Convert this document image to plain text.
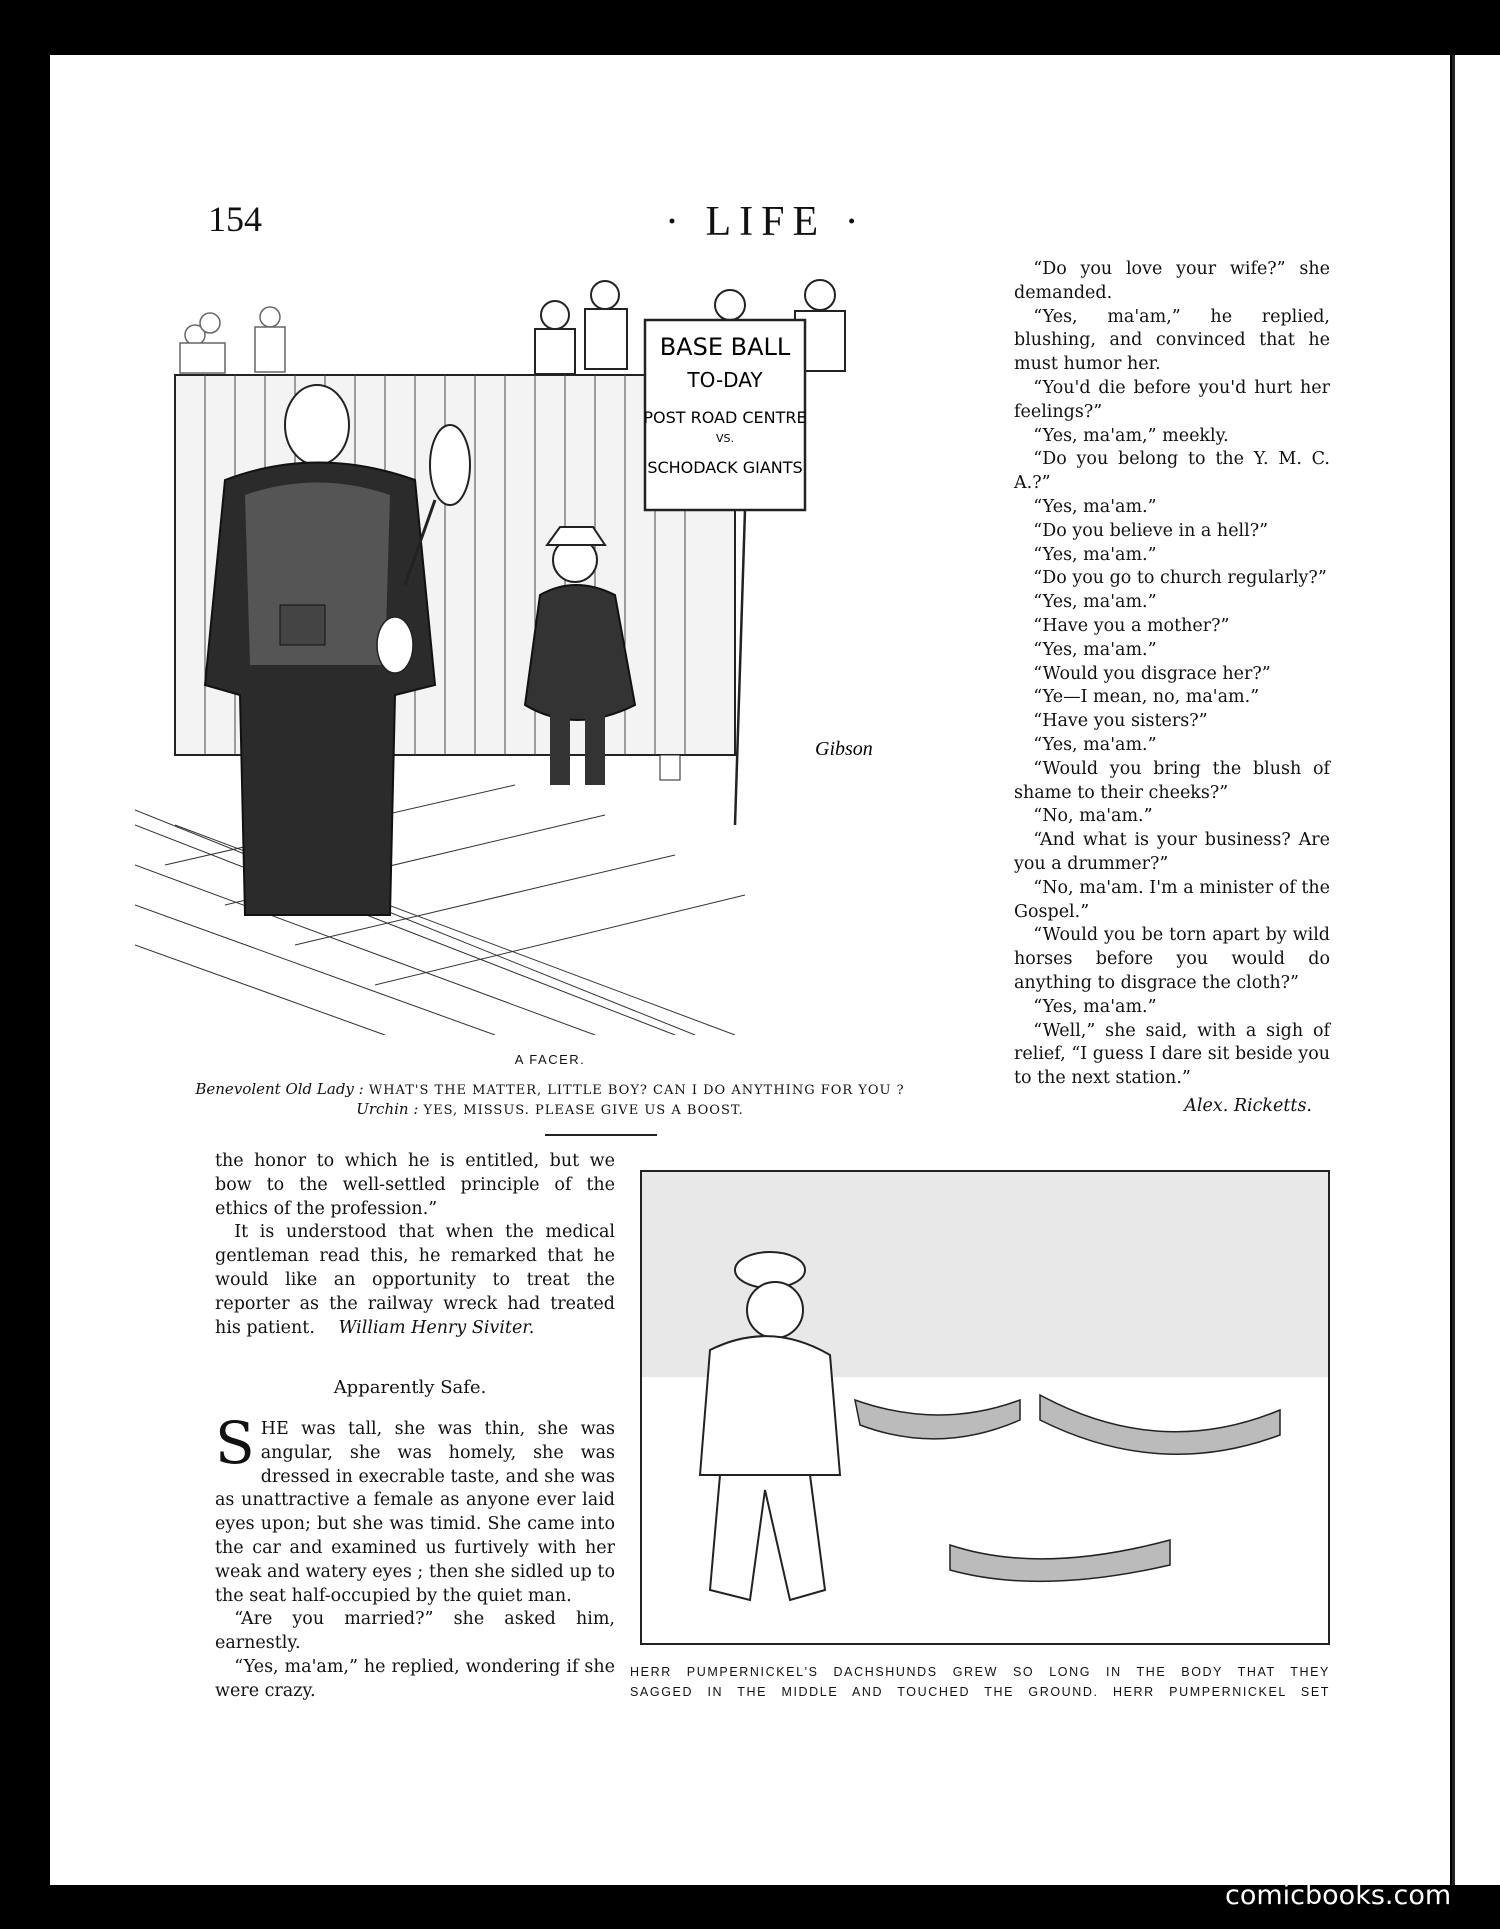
154	· LIFE ·
BASE BALL
TO-DAY
POST ROAD CENTRE
VS.
SCHODACK GIANTS
Gibson
A FACER.
Benevolent Old Lady : WHAT'S THE MATTER, LITTLE BOY? CAN I DO ANYTHING FOR YOU ?
Urchin : YES, MISSUS. PLEASE GIVE US A BOOST.

“Do you love your wife?” she demanded.

“Yes, ma'am,” he replied, blushing, and convinced that he must humor her.

“You'd die before you'd hurt her feelings?”

“Yes, ma'am,” meekly.

“Do you belong to the Y. M. C. A.?”

“Yes, ma'am.”

“Do you believe in a hell?”

“Yes, ma'am.”

“Do you go to church regularly?”

“Yes, ma'am.”

“Have you a mother?”

“Yes, ma'am.”

“Would you disgrace her?”

“Ye—I mean, no, ma'am.”

“Have you sisters?”

“Yes, ma'am.”

“Would you bring the blush of shame to their cheeks?”

“No, ma'am.”

“And what is your business? Are you a drummer?”

“No, ma'am. I'm a minister of the Gospel.”

“Would you be torn apart by wild horses before you would do anything to disgrace the cloth?”

“Yes, ma'am.”

“Well,” she said, with a sigh of relief, “I guess I dare sit beside you to the next station.”

Alex. Ricketts.

the honor to which he is entitled, but we bow to the well-settled principle of the ethics of the profession.”

It is understood that when the medical gentleman read this, he remarked that he would like an opportunity to treat the reporter as the railway wreck had treated his patient. William Henry Siviter.

Apparently Safe.

SHE was tall, she was thin, she was angular, she was homely, she was dressed in execrable taste, and she was as unattractive a female as anyone ever laid eyes upon; but she was timid. She came into the car and examined us furtively with her weak and watery eyes ; then she sidled up to the seat half-occupied by the quiet man.

“Are you married?” she asked him, earnestly.

“Yes, ma'am,” he replied, wondering if she were crazy.

HERR PUMPERNICKEL'S DACHSHUNDS GREW SO LONG IN THE BODY THAT THEY
SAGGED IN THE MIDDLE AND TOUCHED THE GROUND. HERR PUMPERNICKEL SET
comicbooks.com
